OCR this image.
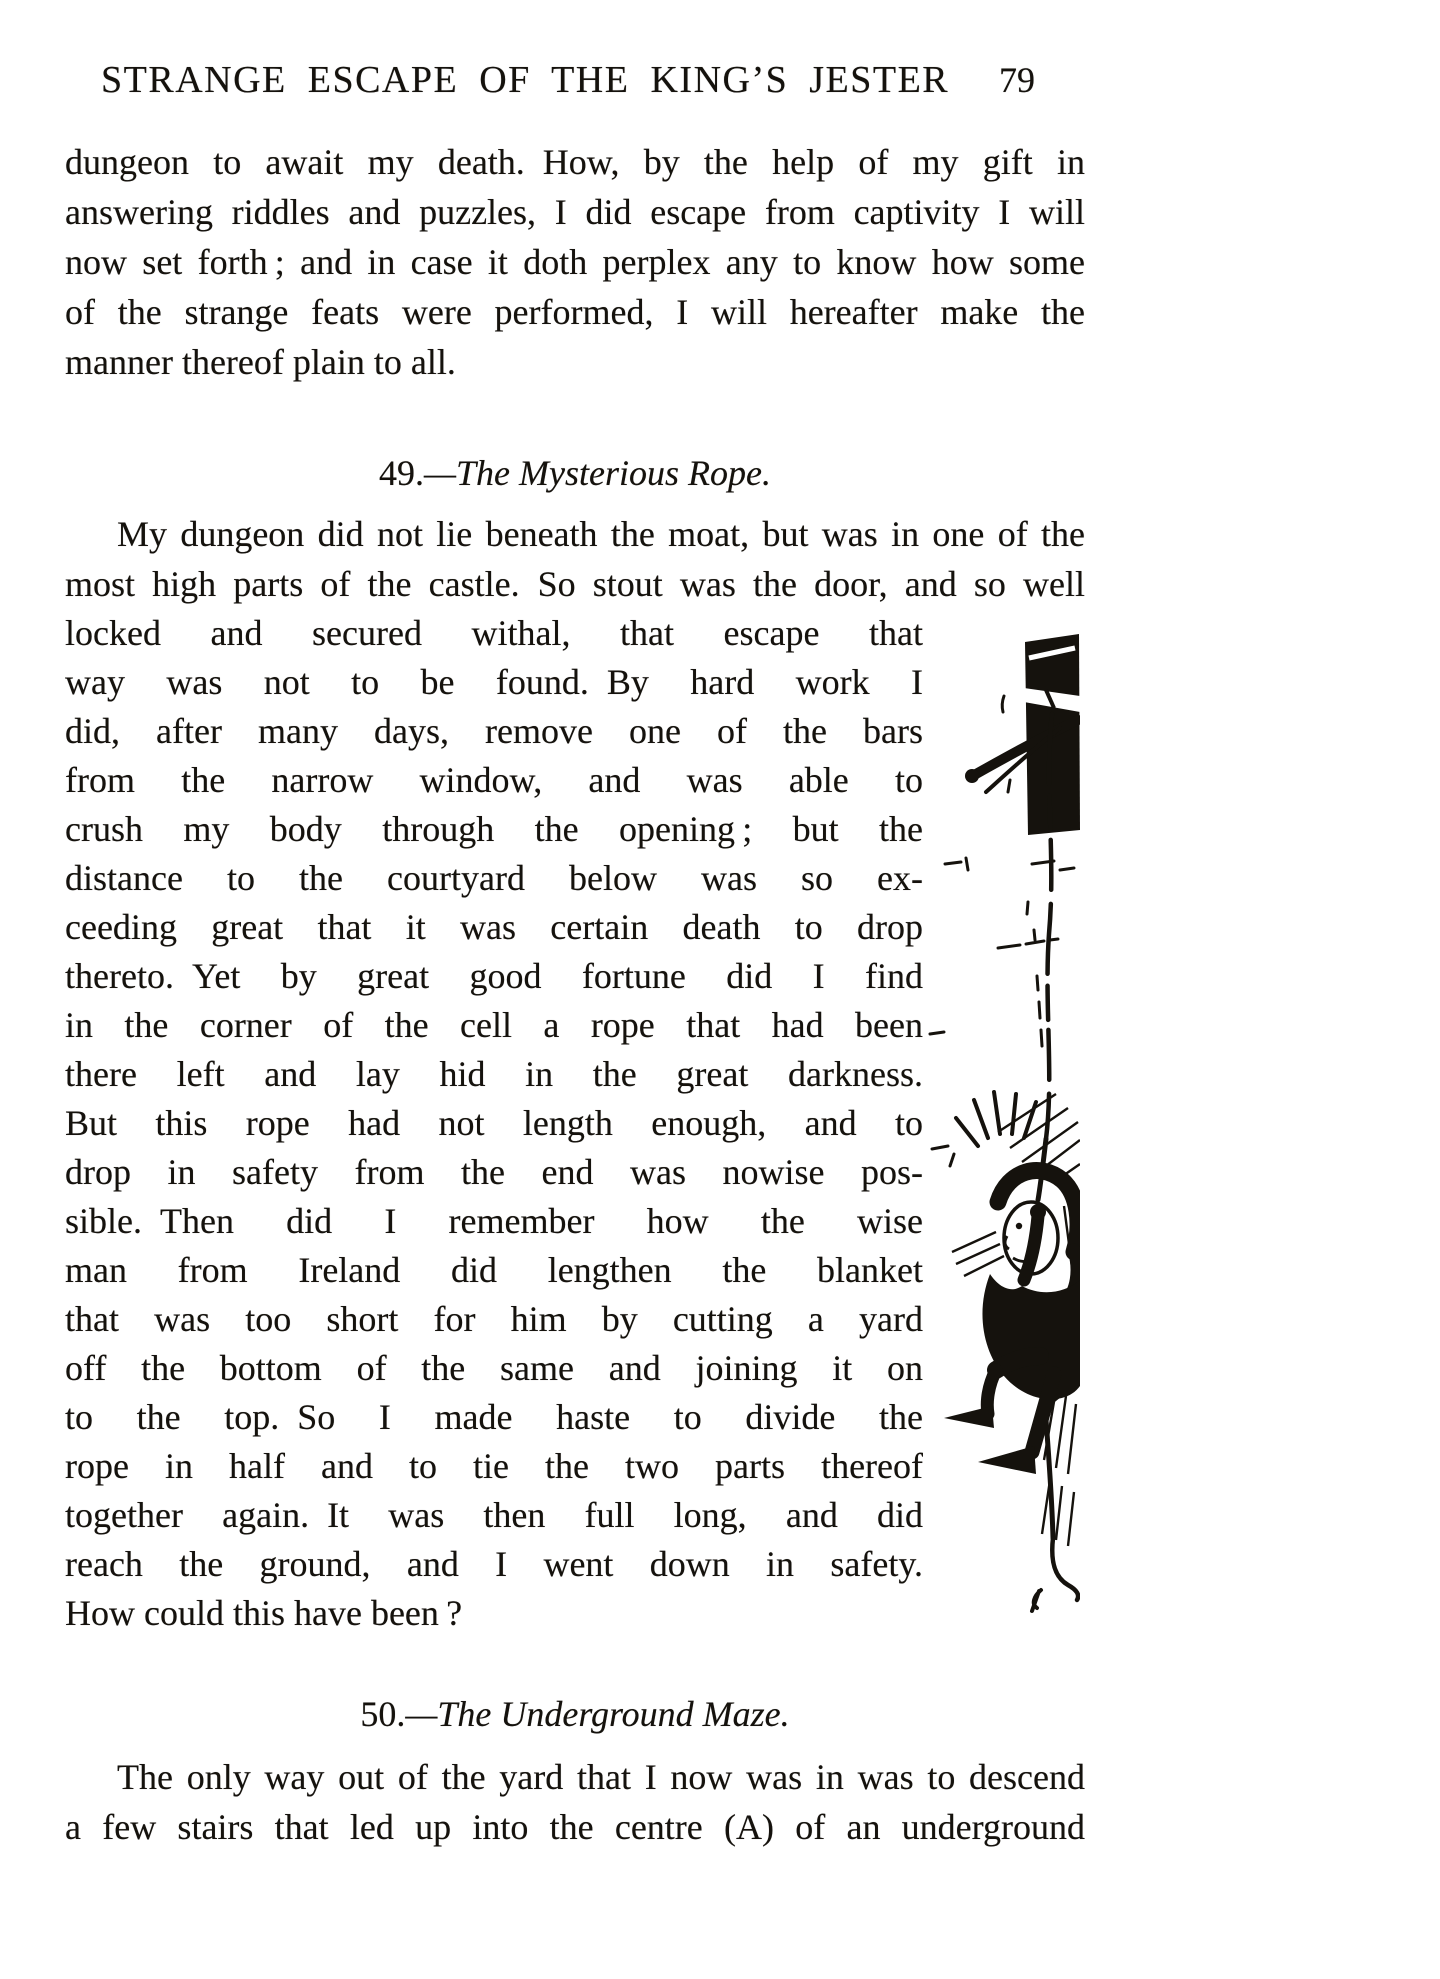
STRANGE ESCAPE OF THE KING’S JESTER 79
dungeon to await my death. How, by the help of my gift in
answering riddles and puzzles, I did escape from captivity I will
now set forth ; and in case it doth perplex any to know how some
of the strange feats were performed, I will hereafter make the
manner thereof plain to all.
49.—The Mysterious Rope.
My dungeon did not lie beneath the moat, but was in one of the
most high parts of the castle. So stout was the door, and so well
locked and secured withal, that escape that
way was not to be found. By hard work I
did, after many days, remove one of the bars
from the narrow window, and was able to
crush my body through the opening ; but the
distance to the courtyard below was so ex-
ceeding great that it was certain death to drop
thereto. Yet by great good fortune did I find
in the corner of the cell a rope that had been
there left and lay hid in the great darkness.
But this rope had not length enough, and to
drop in safety from the end was nowise pos-
sible. Then did I remember how the wise
man from Ireland did lengthen the blanket
that was too short for him by cutting a yard
off the bottom of the same and joining it on
to the top. So I made haste to divide the
rope in half and to tie the two parts thereof
together again. It was then full long, and did
reach the ground, and I went down in safety.
How could this have been ?
50.—The Underground Maze.
The only way out of the yard that I now was in was to descend
a few stairs that led up into the centre (A) of an underground
